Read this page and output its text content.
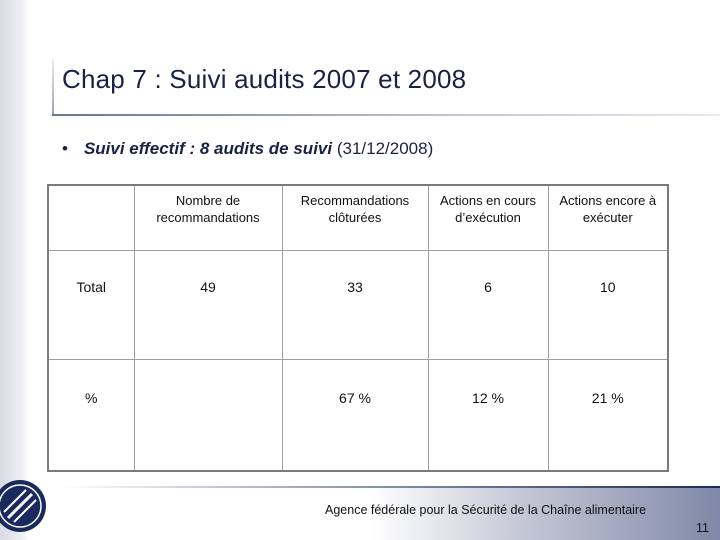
Chap 7 : Suivi audits 2007 et 2008
• Suivi effectif : 8 audits de suivi (31/12/2008)
	Nombre de recommandations	Recommandations clôturées	Actions en cours d’exécution	Actions encore à exécuter
Total	49	33	6	10
%		67 %	12 %	21 %
Agence fédérale pour la Sécurité de la Chaîne alimentaire
11
